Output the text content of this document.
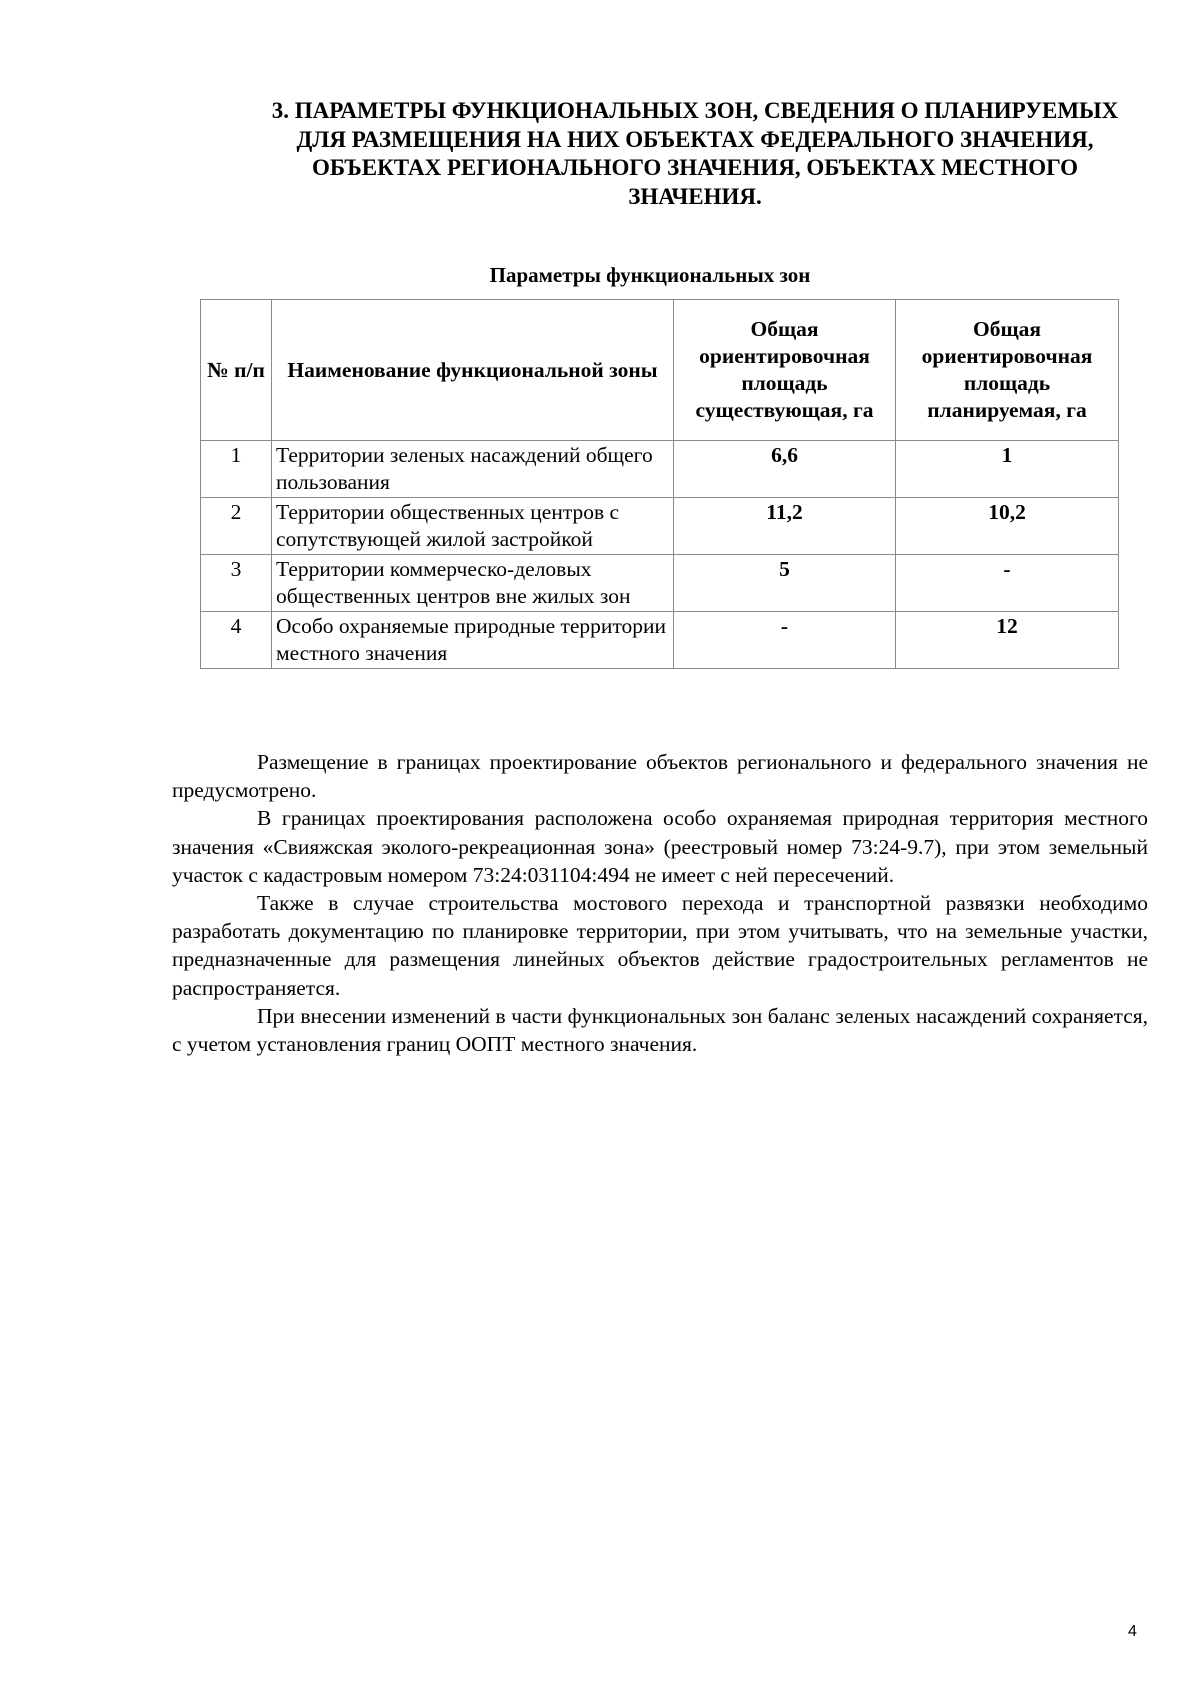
3. ПАРАМЕТРЫ ФУНКЦИОНАЛЬНЫХ ЗОН, СВЕДЕНИЯ О ПЛАНИРУЕМЫХ
ДЛЯ РАЗМЕЩЕНИЯ НА НИХ ОБЪЕКТАХ ФЕДЕРАЛЬНОГО ЗНАЧЕНИЯ,
ОБЪЕКТАХ РЕГИОНАЛЬНОГО ЗНАЧЕНИЯ, ОБЪЕКТАХ МЕСТНОГО
ЗНАЧЕНИЯ.
Параметры функциональных зон
№ п/п	Наименование функциональной зоны	Общая ориентировочная площадь существующая, га	Общая ориентировочная площадь планируемая, га
1	Территории зеленых насаждений общего пользования	6,6	1
2	Территории общественных центров с сопутствующей жилой застройкой	11,2	10,2
3	Территории коммерческо-деловых общественных центров вне жилых зон	5	-
4	Особо охраняемые природные территории местного значения	-	12

Размещение в границах проектирование объектов регионального и федерального значения не предусмотрено.

В границах проектирования расположена особо охраняемая природная территория местного значения «Свияжская эколого-рекреационная зона» (реестровый номер 73:24-9.7), при этом земельный участок с кадастровым номером 73:24:031104:494 не имеет с ней пересечений.

Также в случае строительства мостового перехода и транспортной развязки необходимо разработать документацию по планировке территории, при этом учитывать, что на земельные участки, предназначенные для размещения линейных объектов действие градостроительных регламентов не распространяется.

При внесении изменений в части функциональных зон баланс зеленых насаждений сохраняется, с учетом установления границ ООПТ местного значения.

4
